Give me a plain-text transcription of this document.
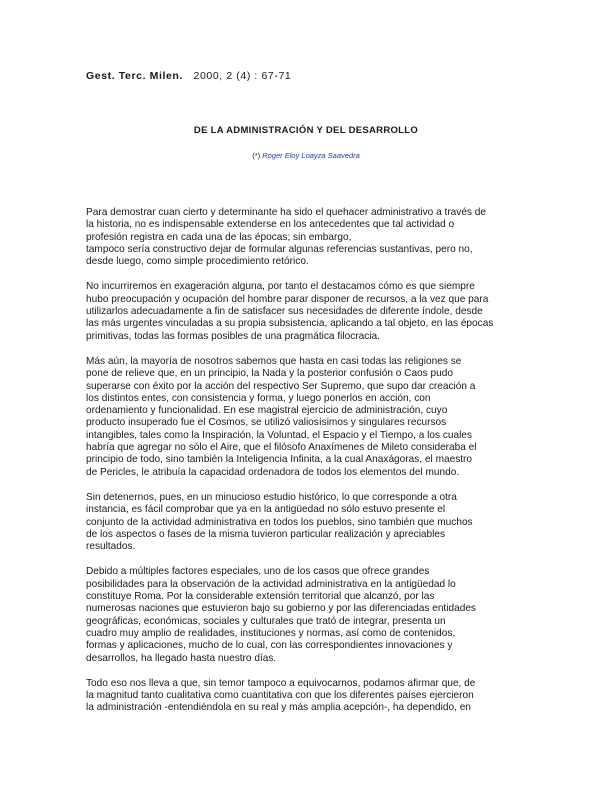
Gest. Terc. Milen. 2000, 2 (4) : 67-71
DE LA ADMINISTRACIÓN Y DEL DESARROLLO
(*) Roger Eloy Loayza Saavedra
Para demostrar cuan cierto y determinante ha sido el quehacer administrativo a través de
la historia, no es indispensable extenderse en los antecedentes que tal actividad o
profesión registra en cada una de las épocas; sin embargo,
tampoco sería constructivo dejar de formular algunas referencias sustantivas, pero no,
desde luego, como simple procedimiento retórico.
No incurriremos en exageración alguna, por tanto el destacamos cómo es que siempre
hubo preocupación y ocupación del hombre parar disponer de recursos, a la vez que para
utilizarlos adecuadamente a fin de satisfacer sus necesidades de diferente índole, desde
las más urgentes vinculadas a su propia subsistencia, aplicando a tal objeto, en las épocas
primitivas, todas las formas posibles de una pragmática filocracia.
Más aún, la mayoría de nosotros sabemos que hasta en casi todas las religiones se
pone de relieve que, en un principio, la Nada y la posterior confusión o Caos pudo
superarse con éxito por la acción del respectivo Ser Supremo, que supo dar creación a
los distintos entes, con consistencia y forma, y luego ponerlos en acción, con
ordenamiento y funcionalidad. En ese magistral ejercicio de administración, cuyo
producto insuperado fue el Cosmos, se utilizó valiosísimos y singulares recursos
intangibles, tales como la Inspiración, la Voluntad, el Espacio y el Tiempo, a los cuales
habría que agregar no sólo el Aire, que el filósofo Anaxímenes de Mileto consideraba el
principio de todo, sino también la Inteligencia Infinita, a la cual Anaxágoras, el maestro
de Pericles, le atribuía la capacidad ordenadora de todos los elementos del mundo.
Sin detenernos, pues, en un minucioso estudio histórico, lo que corresponde a otra
instancia, es fácil comprobar que ya en la antigüedad no sólo estuvo presente el
conjunto de la actividad administrativa en todos los pueblos, sino también que muchos
de los aspectos o fases de la misma tuvieron particular realización y apreciables
resultados.
Debido a múltiples factores especiales, uno de los casos que ofrece grandes
posibilidades para la observación de la actividad administrativa en la antigüedad lo
constituye Roma. Por la considerable extensión territorial que alcanzó, por las
numerosas naciones que estuvieron bajo su gobierno y por las diferenciadas entidades
geográficas, económicas, sociales y culturales que trató de integrar, presenta un
cuadro muy amplio de realidades, instituciones y normas, así como de contenidos,
formas y aplicaciones, mucho de lo cual, con las correspondientes innovaciones y
desarrollos, ha llegado hasta nuestro días.
Todo eso nos lleva a que, sin temor tampoco a equivocarnos, podamos afirmar que, de
la magnitud tanto cualitativa como cuantitativa con que los diferentes países ejercieron
la administración -entendiéndola en su real y más amplia acepción-, ha dependido, en
